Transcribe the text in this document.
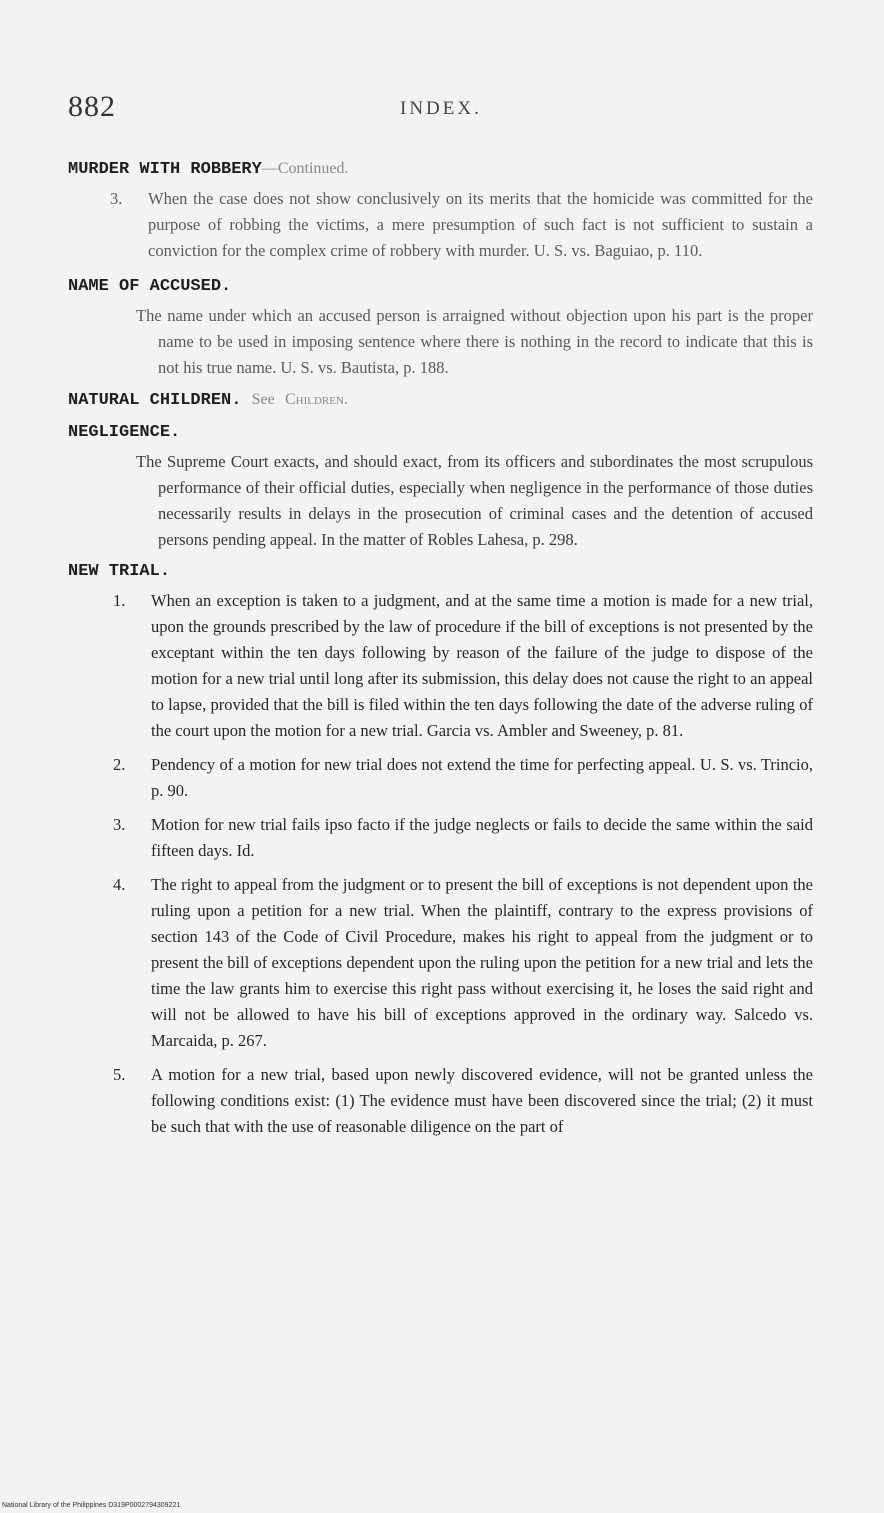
882	INDEX.
MURDER WITH ROBBERY—Continued.
3.	When the case does not show conclusively on its merits that the homicide was committed for the purpose of robbing the victims, a mere presumption of such fact is not sufficient to sustain a conviction for the complex crime of robbery with murder. U. S. vs. Baguiao, p. 110.

NAME OF ACCUSED.

The name under which an accused person is arraigned without objection upon his part is the proper name to be used in imposing sentence where there is nothing in the record to indicate that this is not his true name. U. S. vs. Bautista, p. 188.

NATURAL CHILDREN. See Children.
NEGLIGENCE.

The Supreme Court exacts, and should exact, from its officers and subordinates the most scrupulous performance of their official duties, especially when negligence in the performance of those duties necessarily results in delays in the prosecution of criminal cases and the detention of accused persons pending appeal. In the matter of Robles Lahesa, p. 298.

NEW TRIAL.
1.	When an exception is taken to a judgment, and at the same time a motion is made for a new trial, upon the grounds prescribed by the law of procedure if the bill of exceptions is not presented by the exceptant within the ten days following by reason of the failure of the judge to dispose of the motion for a new trial until long after its submission, this delay does not cause the right to an appeal to lapse, provided that the bill is filed within the ten days following the date of the adverse ruling of the court upon the motion for a new trial. Garcia vs. Ambler and Sweeney, p. 81.

2.	Pendency of a motion for new trial does not extend the time for perfecting appeal. U. S. vs. Trincio, p. 90.

3.	Motion for new trial fails ipso facto if the judge neglects or fails to decide the same within the said fifteen days. Id.

4.	The right to appeal from the judgment or to present the bill of exceptions is not dependent upon the ruling upon a petition for a new trial. When the plaintiff, contrary to the express provisions of section 143 of the Code of Civil Procedure, makes his right to appeal from the judgment or to present the bill of exceptions dependent upon the ruling upon the petition for a new trial and lets the time the law grants him to exercise this right pass without exercising it, he loses the said right and will not be allowed to have his bill of exceptions approved in the ordinary way. Salcedo vs. Marcaida, p. 267.

5.	A motion for a new trial, based upon newly discovered evidence, will not be granted unless the following conditions exist: (1) The evidence must have been discovered since the trial; (2) it must be such that with the use of reasonable diligence on the part of

National Library of the Philippines D319P0002794309221
